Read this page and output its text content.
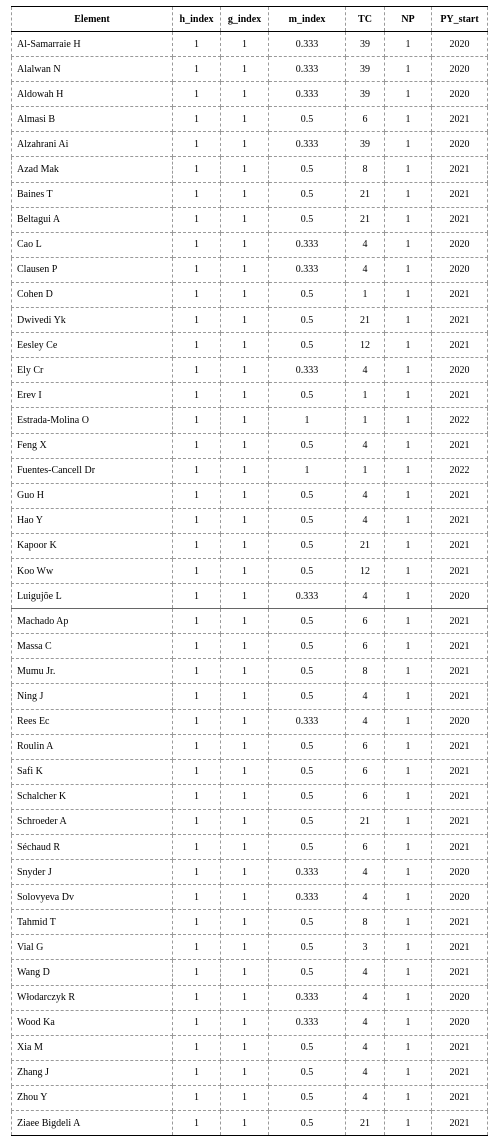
Element	h_index	g_index	m_index	TC	NP	PY_start
Al-Samarraie H	1	1	0.333	39	1	2020
Alalwan N	1	1	0.333	39	1	2020
Aldowah H	1	1	0.333	39	1	2020
Almasi B	1	1	0.5	6	1	2021
Alzahrani Ai	1	1	0.333	39	1	2020
Azad Mak	1	1	0.5	8	1	2021
Baines T	1	1	0.5	21	1	2021
Beltagui A	1	1	0.5	21	1	2021
Cao L	1	1	0.333	4	1	2020
Clausen P	1	1	0.333	4	1	2020
Cohen D	1	1	0.5	1	1	2021
Dwivedi Yk	1	1	0.5	21	1	2021
Eesley Ce	1	1	0.5	12	1	2021
Ely Cr	1	1	0.333	4	1	2020
Erev I	1	1	0.5	1	1	2021
Estrada-Molina O	1	1	1	1	1	2022
Feng X	1	1	0.5	4	1	2021
Fuentes-Cancell Dr	1	1	1	1	1	2022
Guo H	1	1	0.5	4	1	2021
Hao Y	1	1	0.5	4	1	2021
Kapoor K	1	1	0.5	21	1	2021
Koo Ww	1	1	0.5	12	1	2021
Luigujõe L	1	1	0.333	4	1	2020
Machado Ap	1	1	0.5	6	1	2021
Massa C	1	1	0.5	6	1	2021
Mumu Jr.	1	1	0.5	8	1	2021
Ning J	1	1	0.5	4	1	2021
Rees Ec	1	1	0.333	4	1	2020
Roulin A	1	1	0.5	6	1	2021
Safi K	1	1	0.5	6	1	2021
Schalcher K	1	1	0.5	6	1	2021
Schroeder A	1	1	0.5	21	1	2021
Séchaud R	1	1	0.5	6	1	2021
Snyder J	1	1	0.333	4	1	2020
Solovyeva Dv	1	1	0.333	4	1	2020
Tahmid T	1	1	0.5	8	1	2021
Vial G	1	1	0.5	3	1	2021
Wang D	1	1	0.5	4	1	2021
Włodarczyk R	1	1	0.333	4	1	2020
Wood Ka	1	1	0.333	4	1	2020
Xia M	1	1	0.5	4	1	2021
Zhang J	1	1	0.5	4	1	2021
Zhou Y	1	1	0.5	4	1	2021
Ziaee Bigdeli A	1	1	0.5	21	1	2021
